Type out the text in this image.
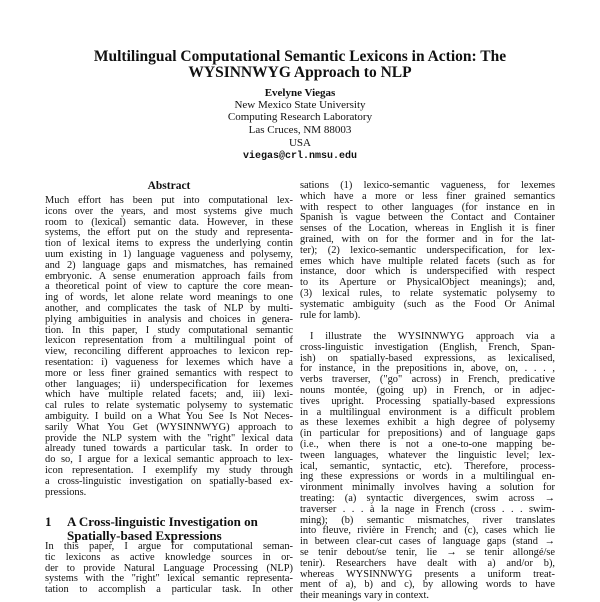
Multilingual Computational Semantic Lexicons in Action: The
WYSINNWYG Approach to NLP
Evelyne Viegas
New Mexico State University
Computing Research Laboratory
Las Cruces, NM 88003
USA
viegas@crl.nmsu.edu
Abstract
Much effort has been put into computational lex-
icons over the years, and most systems give much
room to (lexical) semantic data. However, in these
systems, the effort put on the study and representa-
tion of lexical items to express the underlying contin
uum existing in 1) language vagueness and polysemy,
and 2) language gaps and mismatches, has remained
embryonic. A sense enumeration approach fails from
a theoretical point of view to capture the core mean-
ing of words, let alone relate word meanings to one
another, and complicates the task of NLP by multi-
plying ambiguities in analysis and choices in genera-
tion. In this paper, I study computational semantic
lexicon representation from a multilingual point of
view, reconciling different approaches to lexicon rep-
resentation: i) vagueness for lexemes which have a
more or less finer grained semantics with respect to
other languages; ii) underspecification for lexemes
which have multiple related facets; and, iii) lexi-
cal rules to relate systematic polysemy to systematic
ambiguity. I build on a What You See Is Not Neces-
sarily What You Get (WYSINNWYG) approach to
provide the NLP system with the "right" lexical data
already tuned towards a particular task. In order to
do so, I argue for a lexical semantic approach to lex-
icon representation. I exemplify my study through
a cross-linguistic investigation on spatially-based ex-
pressions.
1 A Cross-linguistic Investigation on
Spatially-based Expressions
In this paper, I argue for computational seman-
tic lexicons as active knowledge sources in or-
der to provide Natural Language Processing (NLP)
systems with the "right" lexical semantic representa-
tation to accomplish a particular task. In other
sations (1) lexico-semantic vagueness, for lexemes
which have a more or less finer grained semantics
with respect to other languages (for instance en in
Spanish is vague between the Contact and Container
senses of the Location, whereas in English it is finer
grained, with on for the former and in for the lat-
ter); (2) lexico-semantic underspecification, for lex-
emes which have multiple related facets (such as for
instance, door which is underspecified with respect
to its Aperture or PhysicalObject meanings); and,
(3) lexical rules, to relate systematic polysemy to
systematic ambiguity (such as the Food Or Animal
rule for lamb).
I illustrate the WYSINNWYG approach via a
cross-linguistic investigation (English, French, Span-
ish) on spatially-based expressions, as lexicalised,
for instance, in the prepositions in, above, on, . . . ,
verbs traverser, ("go" across) in French, predicative
nouns montée, (going up) in French, or in adjec-
tives upright. Processing spatially-based expressions
in a multilingual environment is a difficult problem
as these lexemes exhibit a high degree of polysemy
(in particular for prepositions) and of language gaps
(i.e., when there is not a one-to-one mapping be-
tween languages, whatever the linguistic level; lex-
ical, semantic, syntactic, etc). Therefore, process-
ing these expressions or words in a multilingual en-
vironment minimally involves having a solution for
treating: (a) syntactic divergences, swim across →
traverser . . . à la nage in French (cross . . . swim-
ming); (b) semantic mismatches, river translates
into fleuve, rivière in French; and (c), cases which lie
in between clear-cut cases of language gaps (stand →
se tenir debout/se tenir, lie → se tenir allongé/se
tenir). Researchers have dealt with a) and/or b),
whereas WYSINNWYG presents a uniform treat-
ment of a), b) and c), by allowing words to have
their meanings vary in context.
